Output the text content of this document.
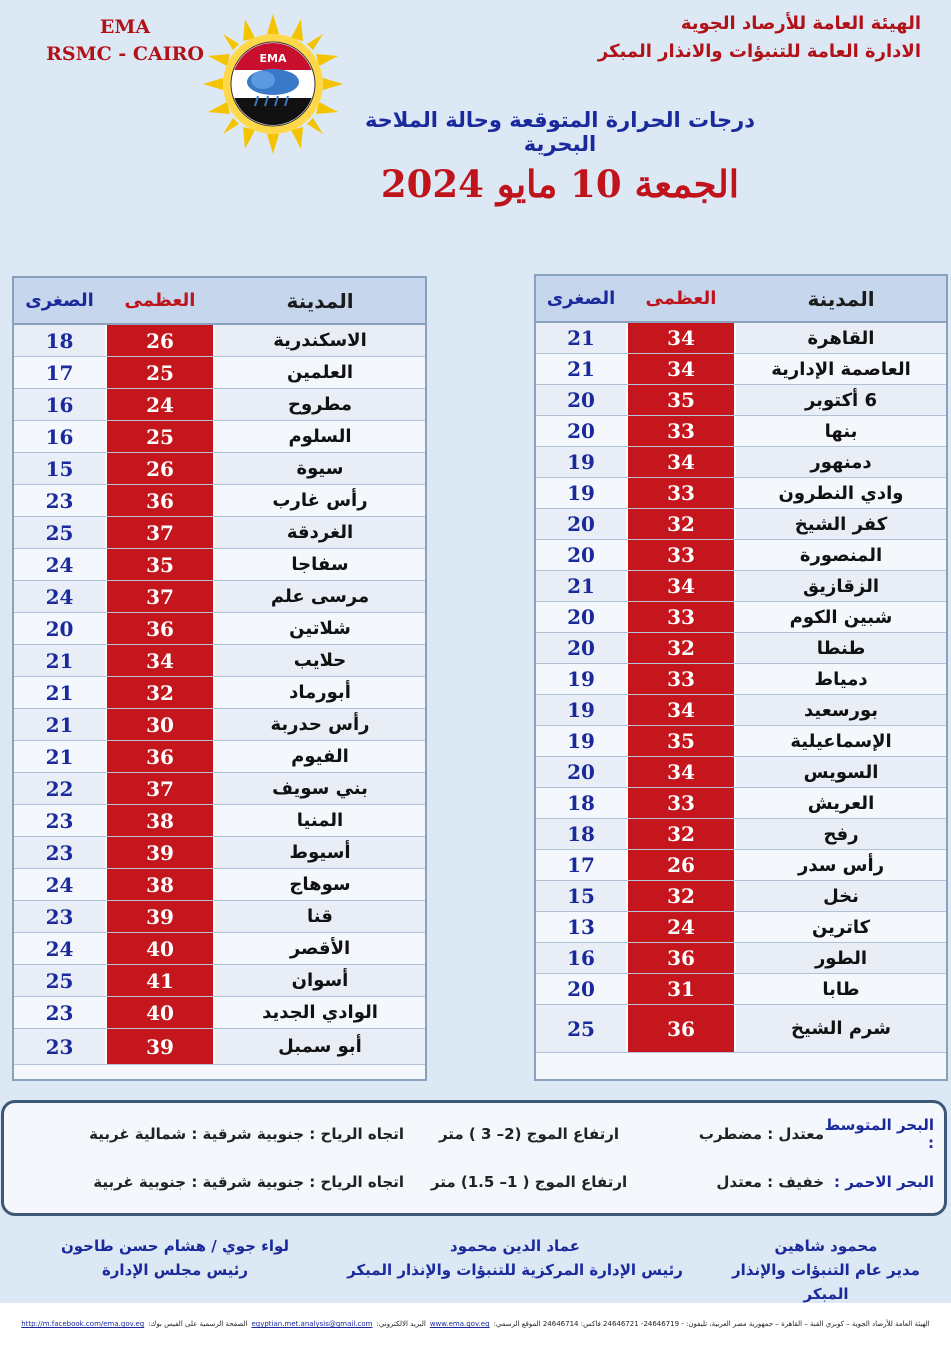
EMA
RSMC - CAIRO	EMA
الهيئة العامة للأرصاد الجوية
الادارة العامة للتنبؤات والانذار المبكر
درجات الحرارة المتوقعة وحالة الملاحة البحرية
الجمعة 10 مايو 2024
المدينة
العظمى
الصغرى
القاهرة
34
21
العاصمة الإدارية
34
21
6 أكتوبر
35
20
بنها
33
20
دمنهور
34
19
وادي النطرون
33
19
كفر الشيخ
32
20
المنصورة
33
20
الزقازيق
34
21
شبين الكوم
33
20
طنطا
32
20
دمياط
33
19
بورسعيد
34
19
الإسماعيلية
35
19
السويس
34
20
العريش
33
18
رفح
32
18
رأس سدر
26
17
نخل
32
15
كاترين
24
13
الطور
36
16
طابا
31
20
شرم الشيخ
36
25
المدينة
العظمى
الصغرى
الاسكندرية
26
18
العلمين
25
17
مطروح
24
16
السلوم
25
16
سيوة
26
15
رأس غارب
36
23
الغردقة
37
25
سفاجا
35
24
مرسى علم
37
24
شلاتين
36
20
حلايب
34
21
أبورماد
32
21
رأس حدربة
30
21
الفيوم
36
21
بني سويف
37
22
المنيا
38
23
أسيوط
39
23
سوهاج
38
24
قنا
39
23
الأقصر
40
24
أسوان
41
25
الوادي الجديد
40
23
أبو سمبل
39
23
البحر المتوسط :
معتدل : مضطرب
ارتفاع الموج (2– 3 ) متر
اتجاه الرياح : جنوبية شرقية : شمالية غربية
البحر الاحمر :
خفيف : معتدل
ارتفاع الموج ( 1– 1.5) متر
اتجاه الرياح : جنوبية شرقية : جنوبية غربية
محمود شاهين
مدير عام التنبؤات والإنذار المبكر
عماد الدين محمود
رئيس الإدارة المركزية للتنبؤات والإنذار المبكر
لواء جوي / هشام حسن طاحون
رئيس مجلس الإدارة
الهيئة العامة للأرصاد الجوية – كوبري القبة – القاهرة – جمهورية مصر العربية، تليفون: - 24646719- 24646721 فاكس: 24646714 الموقع الرسمي:
www.ema.gov.eg
البريد الالكتروني:
egyptian.met.analysis@gmail.com
الصفحة الرسمية على الفيس بوك:
http://m.facebook.com/ema.gov.eg
